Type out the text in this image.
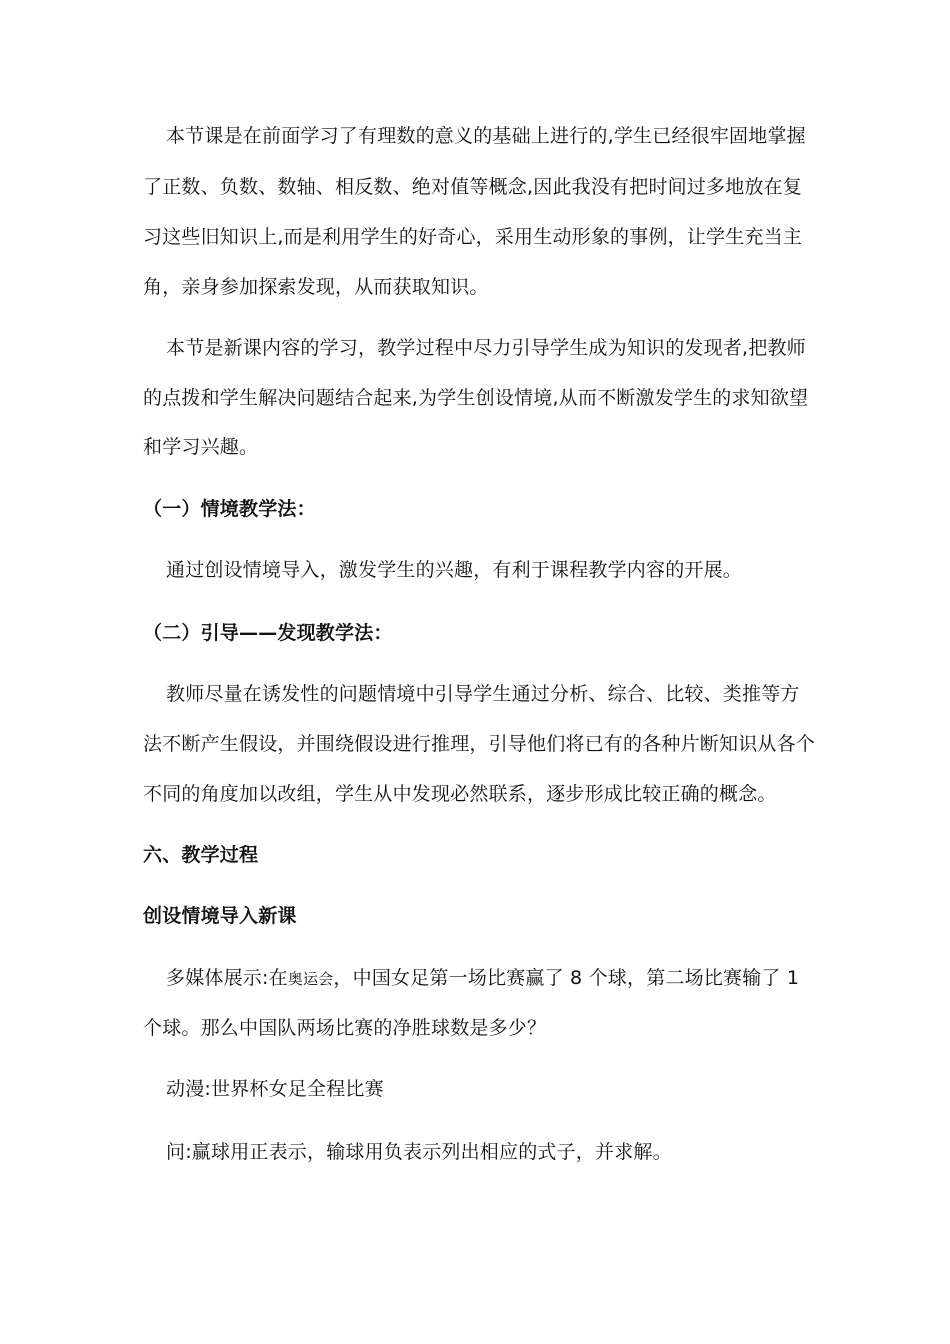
本节课是在前面学习了有理数的意义的基础上进行的,学生已经很牢固地掌握
了正数、负数、数轴、相反数、绝对值等概念,因此我没有把时间过多地放在复
习这些旧知识上,而是利用学生的好奇心，采用生动形象的事例，让学生充当主
角，亲身参加探索发现，从而获取知识。
本节是新课内容的学习，教学过程中尽力引导学生成为知识的发现者,把教师
的点拨和学生解决问题结合起来,为学生创设情境,从而不断激发学生的求知欲望
和学习兴趣。
（一）情境教学法：
通过创设情境导入，激发学生的兴趣，有利于课程教学内容的开展。
（二）引导——发现教学法：
教师尽量在诱发性的问题情境中引导学生通过分析、综合、比较、类推等方
法不断产生假设，并围绕假设进行推理，引导他们将已有的各种片断知识从各个
不同的角度加以改组，学生从中发现必然联系，逐步形成比较正确的概念。
六、教学过程
创设情境导入新课
多媒体展示:在奥运会，中国女足第一场比赛赢了 8 个球，第二场比赛输了 1
个球。那么中国队两场比赛的净胜球数是多少？
动漫:世界杯女足全程比赛
问:赢球用正表示，输球用负表示列出相应的式子，并求解。
